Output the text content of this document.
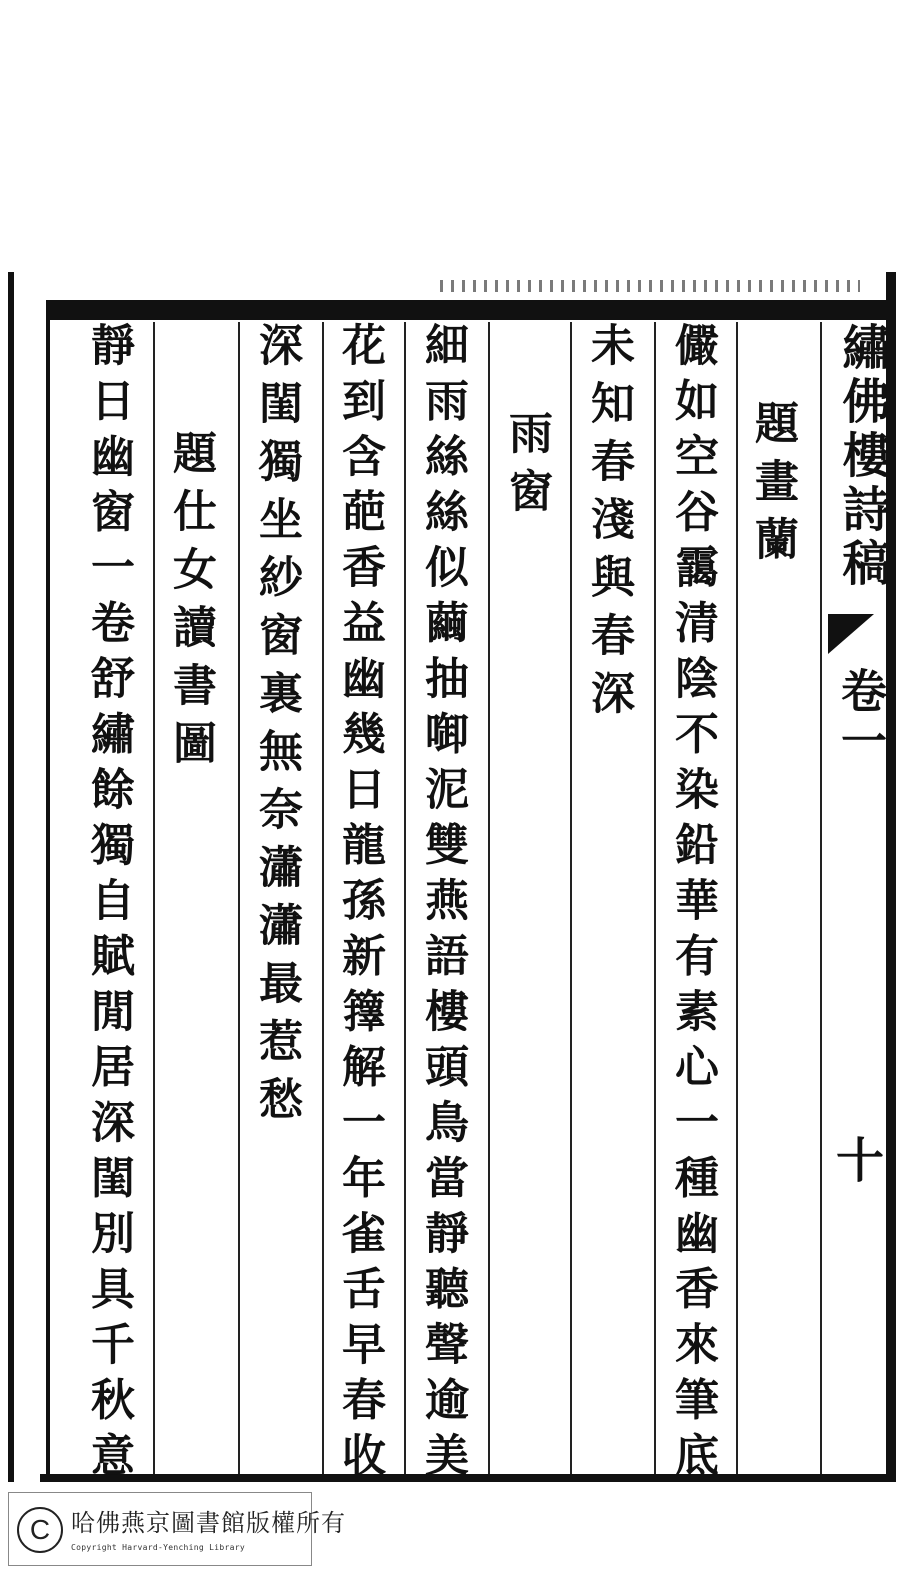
繡佛樓詩稿
卷一
十
題畫蘭
儼如空谷靄清陰不染鉛華有素心一種幽香來筆底
未知春淺與春深
雨窗
細雨絲絲似繭抽啣泥雙燕語樓頭鳥當靜聽聲逾美
花到含葩香益幽幾日龍孫新籜解一年雀舌早春收
深閨獨坐紗窗裏無奈瀟瀟最惹愁
題仕女讀書圖
靜日幽窗一卷舒繡餘獨自賦閒居深閨別具千秋意
C 哈佛燕京圖書館版權所有
Copyright Harvard-Yenching Library
